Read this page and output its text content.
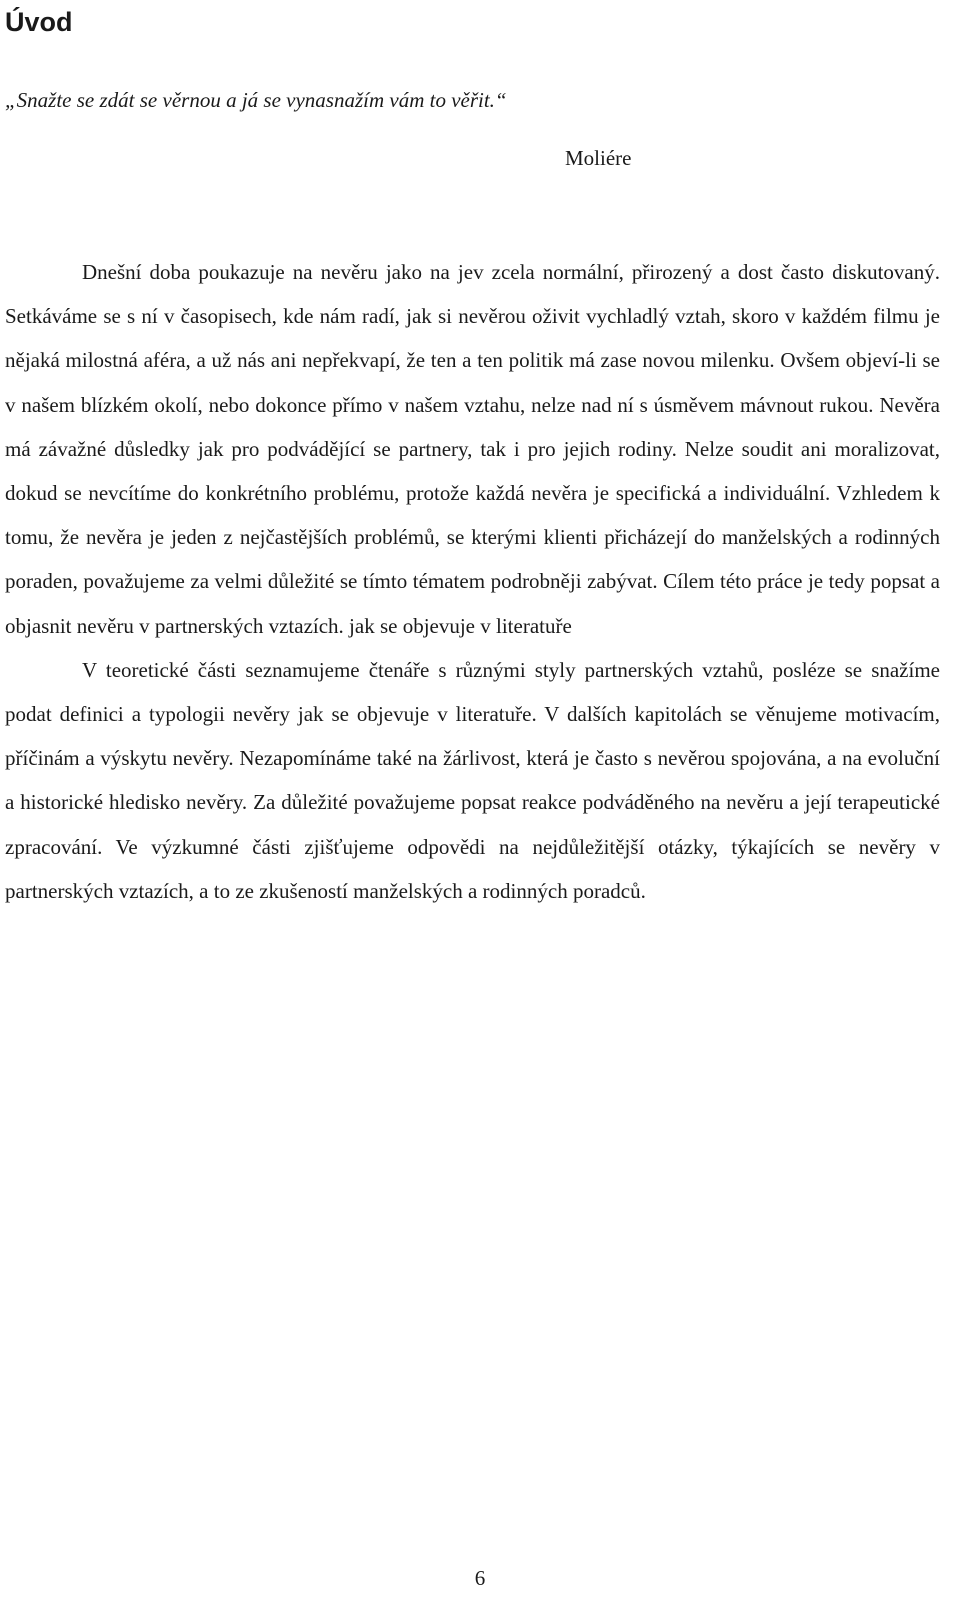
Úvod

„Snažte se zdát se věrnou a já se vynasnažím vám to věřit.“

Moliére

Dnešní doba poukazuje na nevěru jako na jev zcela normální, přirozený a dost často diskutovaný. Setkáváme se s ní v časopisech, kde nám radí, jak si nevěrou oživit vychladlý vztah, skoro v každém filmu je nějaká milostná aféra, a už nás ani nepřekvapí, že ten a ten politik má zase novou milenku. Ovšem objeví-li se v našem blízkém okolí, nebo dokonce přímo v našem vztahu, nelze nad ní s úsměvem mávnout rukou. Nevěra má závažné důsledky jak pro podvádějící se partnery, tak i pro jejich rodiny. Nelze soudit ani moralizovat, dokud se nevcítíme do konkrétního problému, protože každá nevěra je specifická a individuální. Vzhledem k tomu, že nevěra je jeden z nejčastějších problémů, se kterými klienti přicházejí do manželských a rodinných poraden, považujeme za velmi důležité se tímto tématem podrobněji zabývat. Cílem této práce je tedy popsat a objasnit nevěru v partnerských vztazích. jak se objevuje v literatuře

V teoretické části seznamujeme čtenáře s různými styly partnerských vztahů, posléze se snažíme podat definici a typologii nevěry jak se objevuje v literatuře. V dalších kapitolách se věnujeme motivacím, příčinám a výskytu nevěry. Nezapomínáme také na žárlivost, která je často s nevěrou spojována, a na evoluční a historické hledisko nevěry. Za důležité považujeme popsat reakce podváděného na nevěru a její terapeutické zpracování. Ve výzkumné části zjišťujeme odpovědi na nejdůležitější otázky, týkajících se nevěry v partnerských vztazích, a to ze zkušeností manželských a rodinných poradců.

6
